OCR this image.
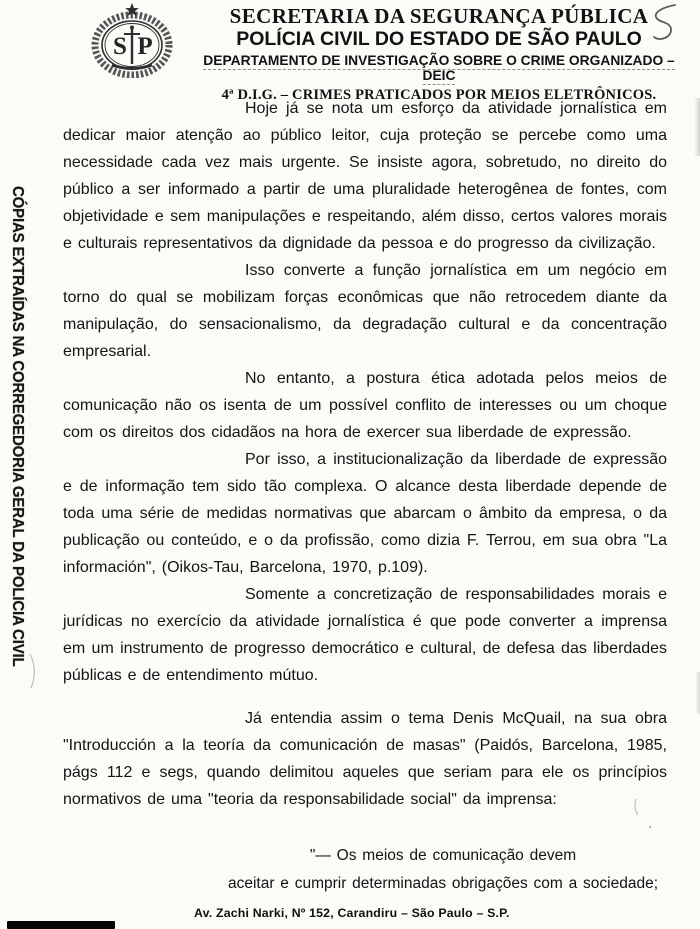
S P
SECRETARIA DA SEGURANÇA PÚBLICA
POLÍCIA CIVIL DO ESTADO DE SÃO PAULO
DEPARTAMENTO DE INVESTIGAÇÃO SOBRE O CRIME ORGANIZADO – DEIC
4ª D.I.G. – CRIMES PRATICADOS POR MEIOS ELETRÔNICOS.
CÓPIAS EXTRAÍDAS NA CORREGEDORIA GERAL DA POLICIA CIVIL

Hoje já se nota um esforço da atividade jornalística em dedicar maior atenção ao público leitor, cuja proteção se percebe como uma necessidade cada vez mais urgente. Se insiste agora, sobretudo, no direito do público a ser informado a partir de uma pluralidade heterogênea de fontes, com objetividade e sem manipulações e respeitando, além disso, certos valores morais e culturais representativos da dignidade da pessoa e do progresso da civilização.

Isso converte a função jornalística em um negócio em torno do qual se mobilizam forças econômicas que não retrocedem diante da manipulação, do sensacionalismo, da degradação cultural e da concentração empresarial.

No entanto, a postura ética adotada pelos meios de comunicação não os isenta de um possível conflito de interesses ou um choque com os direitos dos cidadãos na hora de exercer sua liberdade de expressão.

Por isso, a institucionalização da liberdade de expressão e de informação tem sido tão complexa. O alcance desta liberdade depende de toda uma série de medidas normativas que abarcam o âmbito da empresa, o da publicação ou conteúdo, e o da profissão, como dizia F. Terrou, em sua obra "La información", (Oikos-Tau, Barcelona, 1970, p.109).

Somente a concretização de responsabilidades morais e jurídicas no exercício da atividade jornalística é que pode converter a imprensa em um instrumento de progresso democrático e cultural, de defesa das liberdades públicas e de entendimento mútuo.

Já entendia assim o tema Denis McQuail, na sua obra "Introducción a la teoría da comunicación de masas" (Paidós, Barcelona, 1985, págs 112 e segs, quando delimitou aqueles que seriam para ele os princípios normativos de uma "teoria da responsabilidade social" da imprensa:

"— Os meios de comunicação devem
aceitar e cumprir determinadas obrigações com a sociedade;
Av. Zachi Narki, Nº 152, Carandiru – São Paulo – S.P.
